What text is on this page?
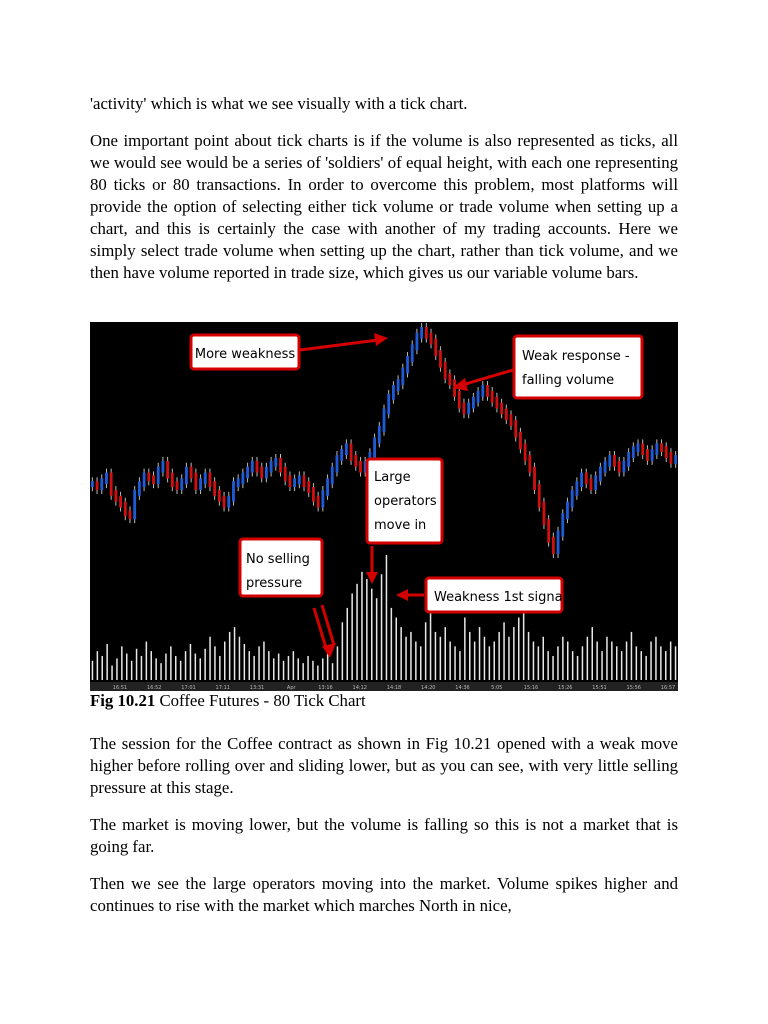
'activity' which is what we see visually with a tick chart.

One important point about tick charts is if the volume is also represented as ticks, all we would see would be a series of 'soldiers' of equal height, with each one representing 80 ticks or 80 transactions. In order to overcome this problem, most platforms will provide the option of selecting either tick volume or trade volume when setting up a chart, and this is certainly the case with another of my trading accounts. Here we simply select trade volume when setting up the chart, rather than tick volume, and we then have volume reported in trade size, which gives us our variable volume bars.

16:51	16:52	17:01	17:11	13:31	Apr	13:16	14:12	14:18	14:20	14:36	5:05	15:16	15:26	15:51	15:56	16:57
More weakness	Weak response -
falling volume
Large
operators
move in
No selling
pressure
Weakness 1st signal
Fig 10.21 Coffee Futures - 80 Tick Chart

The session for the Coffee contract as shown in Fig 10.21 opened with a weak move higher before rolling over and sliding lower, but as you can see, with very little selling pressure at this stage.

The market is moving lower, but the volume is falling so this is not a market that is going far.

Then we see the large operators moving into the market. Volume spikes higher and continues to rise with the market which marches North in nice,
